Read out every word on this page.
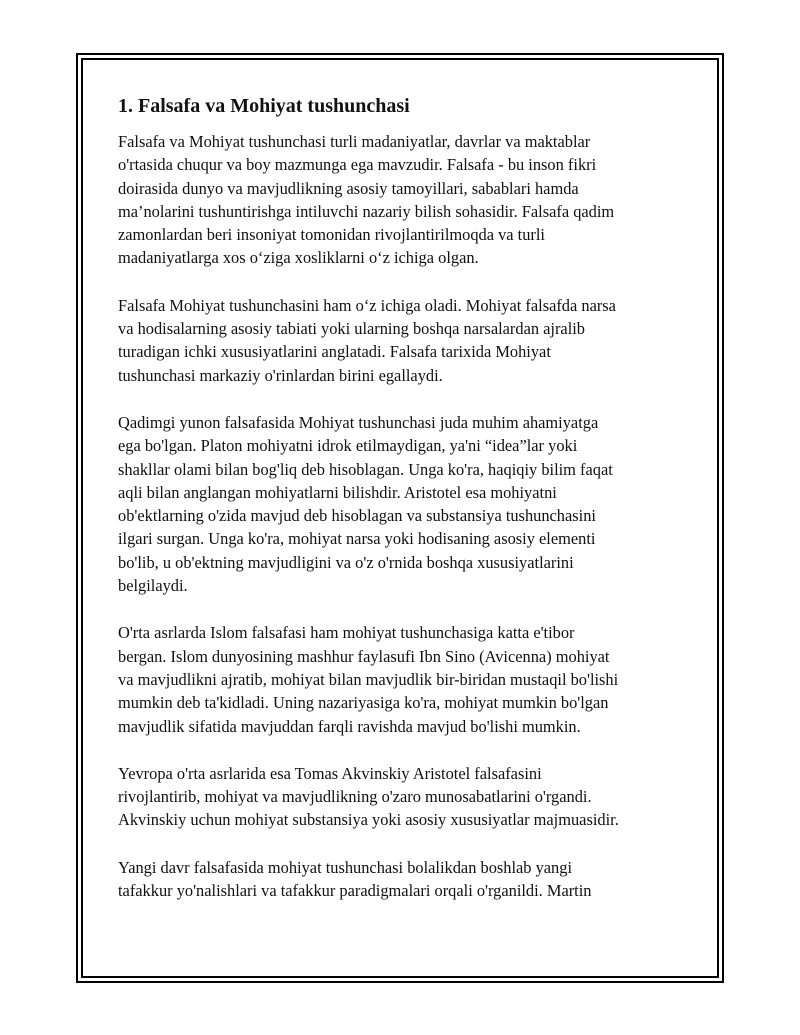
1. Falsafa va Mohiyat tushunchasi

Falsafa va Mohiyat tushunchasi turli madaniyatlar, davrlar va maktablar
o'rtasida chuqur va boy mazmunga ega mavzudir. Falsafa - bu inson fikri
doirasida dunyo va mavjudlikning asosiy tamoyillari, sabablari hamda
ma’nolarini tushuntirishga intiluvchi nazariy bilish sohasidir. Falsafa qadim
zamonlardan beri insoniyat tomonidan rivojlantirilmoqda va turli
madaniyatlarga xos o‘ziga xosliklarni o‘z ichiga olgan.

Falsafa Mohiyat tushunchasini ham o‘z ichiga oladi. Mohiyat falsafda narsa
va hodisalarning asosiy tabiati yoki ularning boshqa narsalardan ajralib
turadigan ichki xususiyatlarini anglatadi. Falsafa tarixida Mohiyat
tushunchasi markaziy o'rinlardan birini egallaydi.

Qadimgi yunon falsafasida Mohiyat tushunchasi juda muhim ahamiyatga
ega bo'lgan. Platon mohiyatni idrok etilmaydigan, ya'ni “idea”lar yoki
shakllar olami bilan bog'liq deb hisoblagan. Unga ko'ra, haqiqiy bilim faqat
aqli bilan anglangan mohiyatlarni bilishdir. Aristotel esa mohiyatni
ob'ektlarning o'zida mavjud deb hisoblagan va substansiya tushunchasini
ilgari surgan. Unga ko'ra, mohiyat narsa yoki hodisaning asosiy elementi
bo'lib, u ob'ektning mavjudligini va o'z o'rnida boshqa xususiyatlarini
belgilaydi.

O'rta asrlarda Islom falsafasi ham mohiyat tushunchasiga katta e'tibor
bergan. Islom dunyosining mashhur faylasufi Ibn Sino (Avicenna) mohiyat
va mavjudlikni ajratib, mohiyat bilan mavjudlik bir-biridan mustaqil bo'lishi
mumkin deb ta'kidladi. Uning nazariyasiga ko'ra, mohiyat mumkin bo'lgan
mavjudlik sifatida mavjuddan farqli ravishda mavjud bo'lishi mumkin.

Yevropa o'rta asrlarida esa Tomas Akvinskiy Aristotel falsafasini
rivojlantirib, mohiyat va mavjudlikning o'zaro munosabatlarini o'rgandi.
Akvinskiy uchun mohiyat substansiya yoki asosiy xususiyatlar majmuasidir.

Yangi davr falsafasida mohiyat tushunchasi bolalikdan boshlab yangi
tafakkur yo'nalishlari va tafakkur paradigmalari orqali o'rganildi. Martin
